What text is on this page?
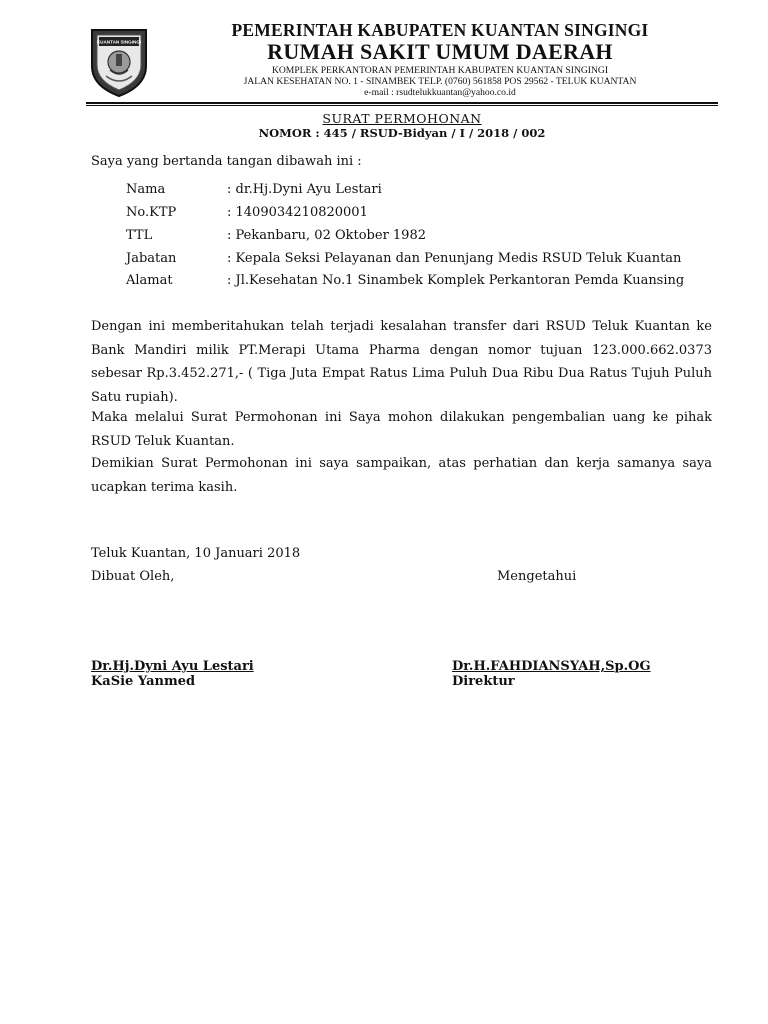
KUANTAN SINGINGI
PEMERINTAH KABUPATEN KUANTAN SINGINGI
RUMAH SAKIT UMUM DAERAH
KOMPLEK PERKANTORAN PEMERINTAH KABUPATEN KUANTAN SINGINGI
JALAN KESEHATAN NO. 1 - SINAMBEK TELP. (0760) 561858 POS 29562 - TELUK KUANTAN
e-mail : rsudtelukkuantan@yahoo.co.id
SURAT PERMOHONAN
NOMOR : 445 / RSUD-Bidyan / I / 2018 / 002
Saya yang bertanda tangan dibawah ini :
Nama	: dr.Hj.Dyni Ayu Lestari
No.KTP	: 1409034210820001
TTL	: Pekanbaru, 02 Oktober 1982
Jabatan	: Kepala Seksi Pelayanan dan Penunjang Medis RSUD Teluk Kuantan
Alamat	: Jl.Kesehatan No.1 Sinambek Komplek Perkantoran Pemda Kuansing
Dengan ini memberitahukan telah terjadi kesalahan transfer dari RSUD Teluk Kuantan ke Bank Mandiri milik PT.Merapi Utama Pharma dengan nomor tujuan 123.000.662.0373 sebesar Rp.3.452.271,- ( Tiga Juta Empat Ratus Lima Puluh Dua Ribu Dua Ratus Tujuh Puluh Satu rupiah).
Maka melalui Surat Permohonan ini Saya mohon dilakukan pengembalian uang ke pihak RSUD Teluk Kuantan.
Demikian Surat Permohonan ini saya sampaikan, atas perhatian dan kerja samanya saya ucapkan terima kasih.
Teluk Kuantan, 10 Januari 2018
Dibuat Oleh,	Mengetahui
Dr.Hj.Dyni Ayu Lestari
KaSie Yanmed
Dr.H.FAHDIANSYAH,Sp.OG
Direktur
